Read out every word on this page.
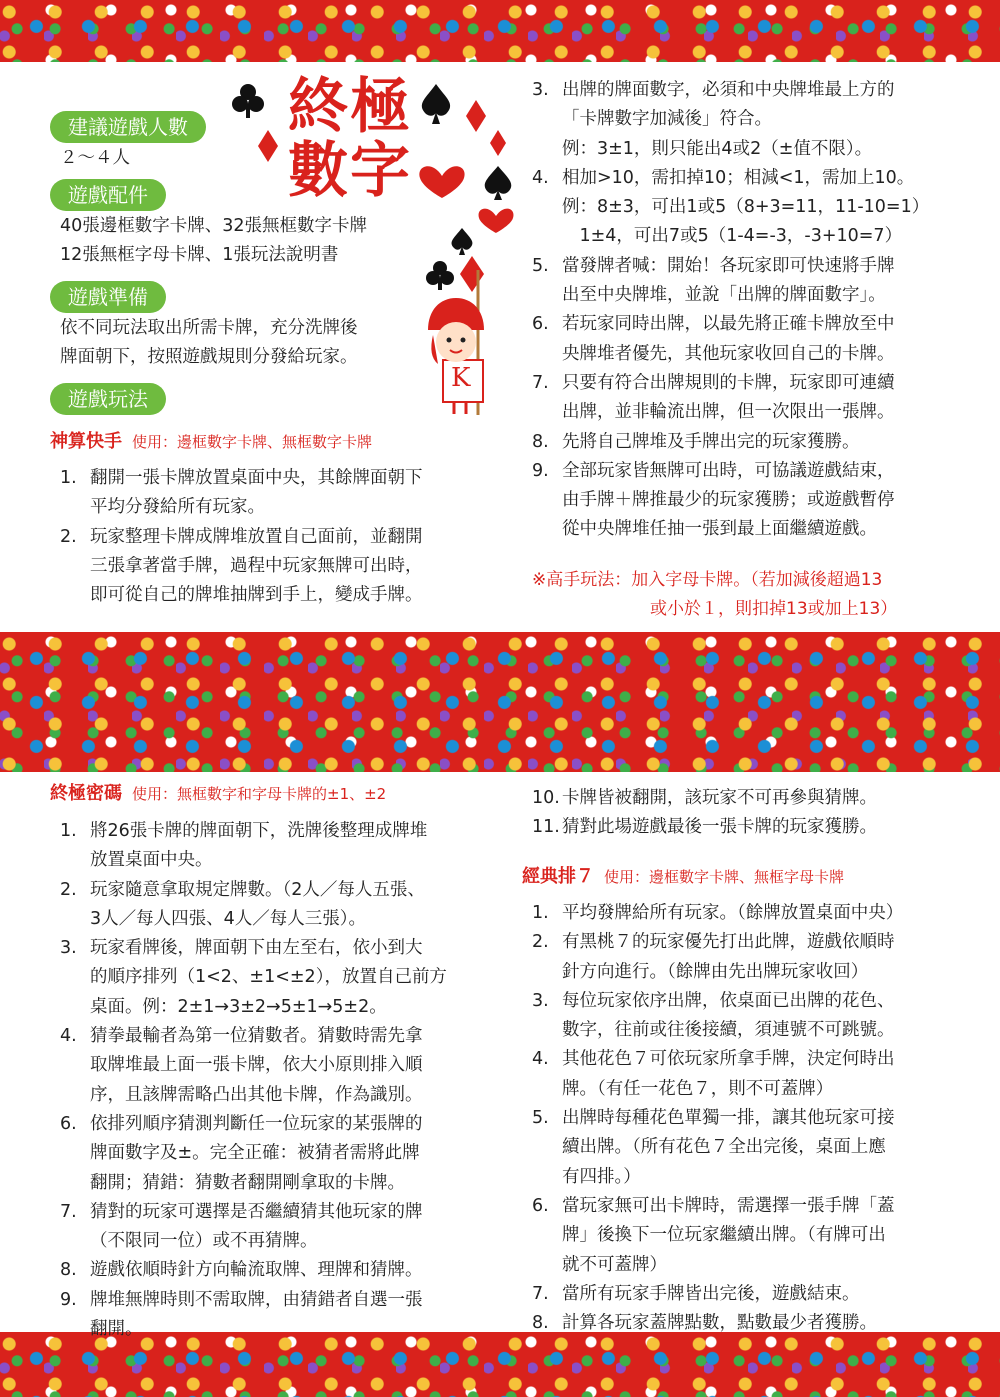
終極
數字
K
建議遊戲人數
２～４人
遊戲配件
40張邊框數字卡牌、32張無框數字卡牌
12張無框字母卡牌、1張玩法說明書
遊戲準備
依不同玩法取出所需卡牌，充分洗牌後
牌面朝下，按照遊戲規則分發給玩家。
遊戲玩法
神算快手 使用：邊框數字卡牌、無框數字卡牌
1. 翻開一張卡牌放置桌面中央，其餘牌面朝下
平均分發給所有玩家。
2. 玩家整理卡牌成牌堆放置自己面前，並翻開
三張拿著當手牌，過程中玩家無牌可出時，
即可從自己的牌堆抽牌到手上，變成手牌。
3. 出牌的牌面數字，必須和中央牌堆最上方的
「卡牌數字加減後」符合。
例：3±1，則只能出4或2（±值不限）。
4. 相加>10，需扣掉10；相減<1，需加上10。
例：8±3，可出1或5（8+3=11，11-10=1）
　1±4，可出7或5（1-4=-3，-3+10=7）
5. 當發牌者喊：開始！各玩家即可快速將手牌
出至中央牌堆，並說「出牌的牌面數字」。
6. 若玩家同時出牌，以最先將正確卡牌放至中
央牌堆者優先，其他玩家收回自己的卡牌。
7. 只要有符合出牌規則的卡牌，玩家即可連續
出牌，並非輪流出牌，但一次限出一張牌。
8. 先將自己牌堆及手牌出完的玩家獲勝。
9. 全部玩家皆無牌可出時，可協議遊戲結束，
由手牌＋牌推最少的玩家獲勝；或遊戲暫停
從中央牌堆任抽一張到最上面繼續遊戲。
※高手玩法：加入字母卡牌。（若加減後超過13
或小於１，則扣掉13或加上13）
終極密碼 使用：無框數字和字母卡牌的±1、±2
1. 將26張卡牌的牌面朝下，洗牌後整理成牌堆
放置桌面中央。
2. 玩家隨意拿取規定牌數。（2人／每人五張、
3人／每人四張、4人／每人三張）。
3. 玩家看牌後，牌面朝下由左至右，依小到大
的順序排列（1<2、±1<±2），放置自己前方
桌面。例：2±1→3±2→5±1→5±2。
4. 猜拳最輸者為第一位猜數者。猜數時需先拿
取牌堆最上面一張卡牌，依大小原則排入順
序，且該牌需略凸出其他卡牌，作為識別。
6. 依排列順序猜測判斷任一位玩家的某張牌的
牌面數字及±。完全正確：被猜者需將此牌
翻開；猜錯：猜數者翻開剛拿取的卡牌。
7. 猜對的玩家可選擇是否繼續猜其他玩家的牌
（不限同一位）或不再猜牌。
8. 遊戲依順時針方向輪流取牌、理牌和猜牌。
9. 牌堆無牌時則不需取牌，由猜錯者自選一張
翻開。
10. 卡牌皆被翻開，該玩家不可再參與猜牌。
11. 猜對此場遊戲最後一張卡牌的玩家獲勝。
經典排７ 使用：邊框數字卡牌、無框字母卡牌
1. 平均發牌給所有玩家。（餘牌放置桌面中央）
2. 有黑桃７的玩家優先打出此牌，遊戲依順時
針方向進行。（餘牌由先出牌玩家收回）
3. 每位玩家依序出牌，依桌面已出牌的花色、
數字，往前或往後接續，須連號不可跳號。
4. 其他花色７可依玩家所拿手牌，決定何時出
牌。（有任一花色７，則不可蓋牌）
5. 出牌時每種花色單獨一排，讓其他玩家可接
續出牌。（所有花色７全出完後，桌面上應
有四排。）
6. 當玩家無可出卡牌時，需選擇一張手牌「蓋
牌」後換下一位玩家繼續出牌。（有牌可出
就不可蓋牌）
7. 當所有玩家手牌皆出完後，遊戲結束。
8. 計算各玩家蓋牌點數，點數最少者獲勝。
